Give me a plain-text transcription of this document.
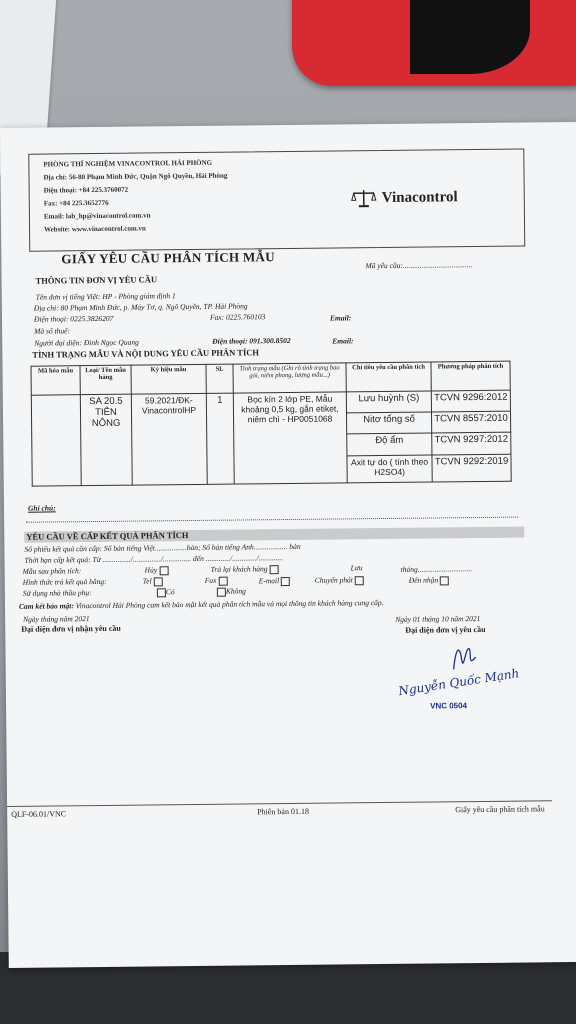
PHÒNG THÍ NGHIỆM VINACONTROL HẢI PHÒNG
Địa chỉ: 56-80 Phạm Minh Đức, Quận Ngô Quyền, Hải Phòng
Điện thoại: +84 225.3760072
Fax: +84 225.3652776
Email: lab_hp@vinacontrol.com.vn
Website: www.vinacontrol.com.vn
Vinacontrol
GIẤY YÊU CẦU PHÂN TÍCH MẪU	Mã yêu cầu:.....................................
THÔNG TIN ĐƠN VỊ YÊU CẦU
Tên đơn vị tiếng Việt: HP - Phòng giám định 1
Địa chỉ: 80 Phạm Minh Đức, p. Máy Tơ, q. Ngô Quyền, TP. Hải Phòng
Điện thoại: 0225.3826207	Fax: 0225.760103	Email:
Mã số thuế:
Người đại diện: Đinh Ngọc Quang	Điện thoại: 091.300.8502	Email:
TÌNH TRẠNG MẪU VÀ NỘI DUNG YÊU CẦU PHÂN TÍCH
Mã hóa mẫu	Loại/ Tên mẫu hàng	Ký hiệu mẫu	SL	Tình trạng mẫu (Ghi rõ tình trạng bao gói, niêm phong, lượng mẫu...)	Chỉ tiêu yêu cầu phân tích	Phương pháp phân tích
	SA 20.5 TIÊN NÔNG	59.2021/ĐK-VinacontrolHP	1	Bọc kín 2 lớp PE, Mẫu khoảng 0,5 kg, gắn etiket, niêm chì - HP0051068	Lưu huỳnh (S)	TCVN 9296:2012
					Nitơ tổng số	TCVN 8557:2010
					Độ ẩm	TCVN 9297:2012
					Axit tự do ( tính theo H2SO4)	TCVN 9292:2019
Ghi chú:
YÊU CẦU VỀ CẤP KẾT QUẢ PHÂN TÍCH
Số phiếu kết quả cần cấp: Số bản tiếng Việt.................bản; Số bản tiếng Anh.................. bản
Thời hạn cấp kết quả: Từ .............../.............../............... đến ............./............./.............
Mẫu sau phân tích:	Hủy	Trả lại khách hàng	Lưu	tháng.............................
Hình thức trả kết quả bằng:	Tel	Fax	E-mail	Chuyển phát	Đến nhận
Sử dụng nhà thầu phụ:	Có	Không
Cam kết bảo mật: Vinacontrol Hải Phòng cam kết bảo mật kết quả phân tích mẫu và mọi thông tin khách hàng cung cấp.
Ngày tháng năm 2021	Ngày 01 tháng 10 năm 2021
Đại diện đơn vị nhận yêu cầu	Đại diện đơn vị yêu cầu
Nguyễn Quốc Mạnh
VNC 0504
QLF-06.01/VNC	Phiên bản 01.18	Giấy yêu cầu phân tích mẫu
